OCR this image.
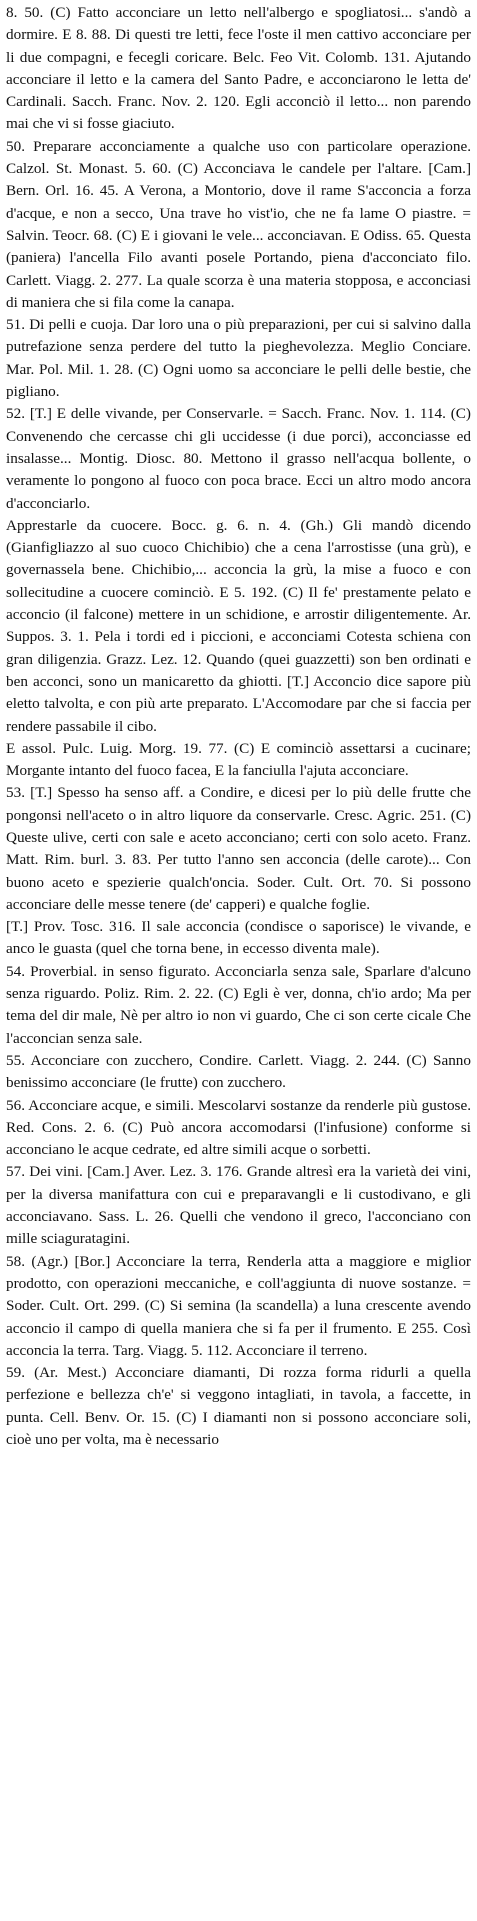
8. 50. (C) Fatto acconciare un letto nell'albergo e spogliatosi... s'andò a dormire. E 8. 88. Di questi tre letti, fece l'oste il men cattivo acconciare per li due compagni, e fecegli coricare. Belc. Feo Vit. Colomb. 131. Ajutando acconciare il letto e la camera del Santo Padre, e acconciarono le letta de' Cardinali. Sacch. Franc. Nov. 2. 120. Egli acconciò il letto... non parendo mai che vi si fosse giaciuto.

50. Preparare acconciamente a qualche uso con particolare operazione. Calzol. St. Monast. 5. 60. (C) Acconciava le candele per l'altare. [Cam.] Bern. Orl. 16. 45. A Verona, a Montorio, dove il rame S'acconcia a forza d'acque, e non a secco, Una trave ho vist'io, che ne fa lame O piastre. = Salvin. Teocr. 68. (C) E i giovani le vele... acconciavan. E Odiss. 65. Questa (paniera) l'ancella Filo avanti posele Portando, piena d'acconciato filo. Carlett. Viagg. 2. 277. La quale scorza è una materia stopposa, e acconciasi di maniera che si fila come la canapa.

51. Di pelli e cuoja. Dar loro una o più preparazioni, per cui si salvino dalla putrefazione senza perdere del tutto la pieghevolezza. Meglio Conciare. Mar. Pol. Mil. 1. 28. (C) Ogni uomo sa acconciare le pelli delle bestie, che pigliano.

52. [T.] E delle vivande, per Conservarle. = Sacch. Franc. Nov. 1. 114. (C) Convenendo che cercasse chi gli uccidesse (i due porci), acconciasse ed insalasse... Montig. Diosc. 80. Mettono il grasso nell'acqua bollente, o veramente lo pongono al fuoco con poca brace. Ecci un altro modo ancora d'acconciarlo.

Apprestarle da cuocere. Bocc. g. 6. n. 4. (Gh.) Gli mandò dicendo (Gianfigliazzo al suo cuoco Chichibio) che a cena l'arrostisse (una grù), e governassela bene. Chichibio,... acconcia la grù, la mise a fuoco e con sollecitudine a cuocere cominciò. E 5. 192. (C) Il fe' prestamente pelato e acconcio (il falcone) mettere in un schidione, e arrostir diligentemente. Ar. Suppos. 3. 1. Pela i tordi ed i piccioni, e acconciami Cotesta schiena con gran diligenzia. Grazz. Lez. 12. Quando (quei guazzetti) son ben ordinati e ben acconci, sono un manicaretto da ghiotti. [T.] Acconcio dice sapore più eletto talvolta, e con più arte preparato. L'Accomodare par che si faccia per rendere passabile il cibo.

E assol. Pulc. Luig. Morg. 19. 77. (C) E cominciò assettarsi a cucinare; Morgante intanto del fuoco facea, E la fanciulla l'ajuta acconciare.

53. [T.] Spesso ha senso aff. a Condire, e dicesi per lo più delle frutte che pongonsi nell'aceto o in altro liquore da conservarle. Cresc. Agric. 251. (C) Queste ulive, certi con sale e aceto acconciano; certi con solo aceto. Franz. Matt. Rim. burl. 3. 83. Per tutto l'anno sen acconcia (delle carote)... Con buono aceto e spezierie qualch'oncia. Soder. Cult. Ort. 70. Si possono acconciare delle messe tenere (de' capperi) e qualche foglie.

[T.] Prov. Tosc. 316. Il sale acconcia (condisce o saporisce) le vivande, e anco le guasta (quel che torna bene, in eccesso diventa male).

54. Proverbial. in senso figurato. Acconciarla senza sale, Sparlare d'alcuno senza riguardo. Poliz. Rim. 2. 22. (C) Egli è ver, donna, ch'io ardo; Ma per tema del dir male, Nè per altro io non vi guardo, Che ci son certe cicale Che l'acconcian senza sale.

55. Acconciare con zucchero, Condire. Carlett. Viagg. 2. 244. (C) Sanno benissimo acconciare (le frutte) con zucchero.

56. Acconciare acque, e simili. Mescolarvi sostanze da renderle più gustose. Red. Cons. 2. 6. (C) Può ancora accomodarsi (l'infusione) conforme si acconciano le acque cedrate, ed altre simili acque o sorbetti.

57. Dei vini. [Cam.] Aver. Lez. 3. 176. Grande altresì era la varietà dei vini, per la diversa manifattura con cui e preparavangli e li custodivano, e gli acconciavano. Sass. L. 26. Quelli che vendono il greco, l'acconciano con mille sciaguratagini.

58. (Agr.) [Bor.] Acconciare la terra, Renderla atta a maggiore e miglior prodotto, con operazioni meccaniche, e coll'aggiunta di nuove sostanze. = Soder. Cult. Ort. 299. (C) Si semina (la scandella) a luna crescente avendo acconcio il campo di quella maniera che si fa per il frumento. E 255. Così acconcia la terra. Targ. Viagg. 5. 112. Acconciare il terreno.

59. (Ar. Mest.) Acconciare diamanti, Di rozza forma ridurli a quella perfezione e bellezza ch'e' si veggono intagliati, in tavola, a faccette, in punta. Cell. Benv. Or. 15. (C) I diamanti non si possono acconciare soli, cioè uno per volta, ma è necessario
